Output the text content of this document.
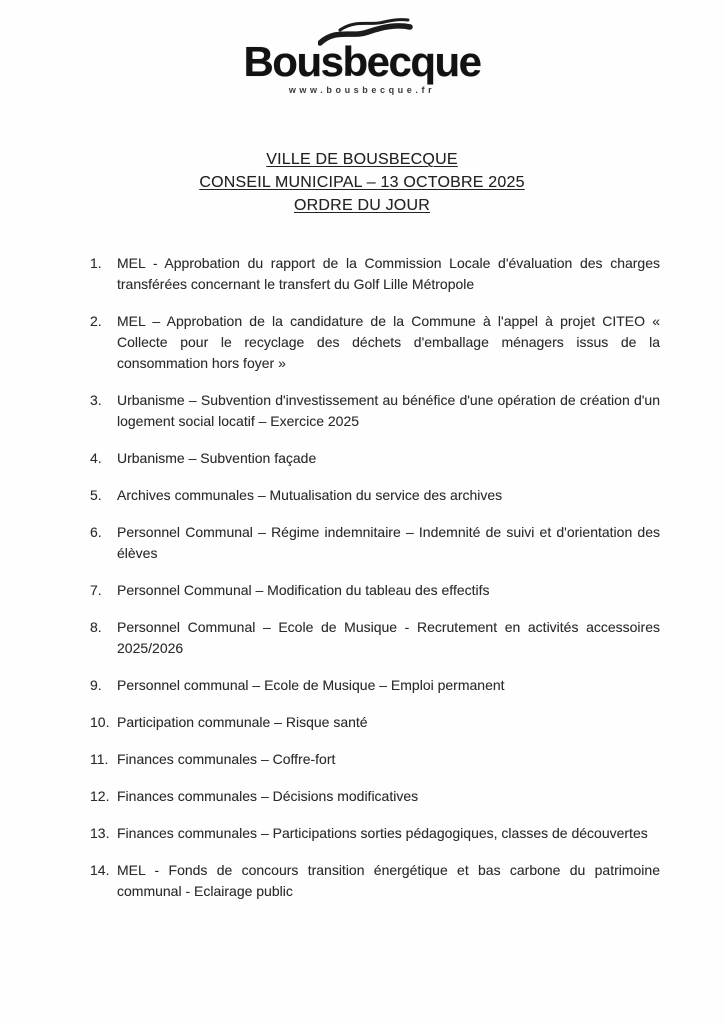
Bousbecque
www.bousbecque.fr
VILLE DE BOUSBECQUE
CONSEIL MUNICIPAL – 13 OCTOBRE 2025
ORDRE DU JOUR
1.	MEL - Approbation du rapport de la Commission Locale d'évaluation des charges transférées concernant le transfert du Golf Lille Métropole
2.	MEL – Approbation de la candidature de la Commune à l'appel à projet CITEO « Collecte pour le recyclage des déchets d'emballage ménagers issus de la consommation hors foyer »
3.	Urbanisme – Subvention d'investissement au bénéfice d'une opération de création d'un logement social locatif – Exercice 2025
4.	Urbanisme – Subvention façade
5.	Archives communales – Mutualisation du service des archives
6.	Personnel Communal – Régime indemnitaire – Indemnité de suivi et d'orientation des élèves
7.	Personnel Communal – Modification du tableau des effectifs
8.	Personnel Communal – Ecole de Musique - Recrutement en activités accessoires 2025/2026
9.	Personnel communal – Ecole de Musique – Emploi permanent
10. Participation communale – Risque santé
11. Finances communales – Coffre-fort
12. Finances communales – Décisions modificatives
13. Finances communales – Participations sorties pédagogiques, classes de découvertes
14. MEL - Fonds de concours transition énergétique et bas carbone du patrimoine communal - Eclairage public
